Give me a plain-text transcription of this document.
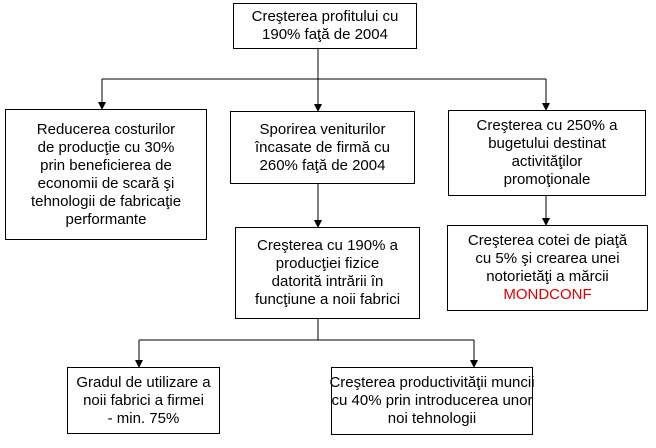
Creşterea profitului cu
190% faţă de 2004
Reducerea costurilor
de producţie cu 30%
prin beneficierea de
economii de scară şi
tehnologii de fabricaţie
performante
Sporirea veniturilor
încasate de firmă cu
260% faţă de 2004
Creşterea cu 250% a
bugetului destinat
activităţilor
promoţionale
Creşterea cu 190% a
producţiei fizice
datorită intrării în
funcţiune a noii fabrici
Creşterea cotei de piaţă
cu 5% şi crearea unei
notorietăţi a mărcii
MONDCONF
Gradul de utilizare a
noii fabrici a firmei
- min. 75%
Creşterea productivităţii muncii
cu 40% prin introducerea unor
noi tehnologii
